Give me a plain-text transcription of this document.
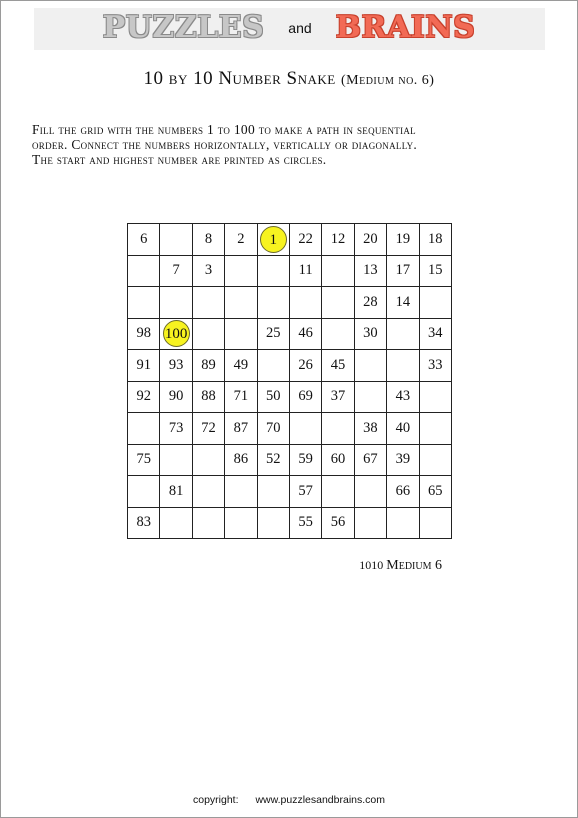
PUZZLES and BRAINS
10 by 10 Number Snake (Medium no. 6)
Fill the grid with the numbers 1 to 100 to make a path in sequential
order. Connect the numbers horizontally, vertically or diagonally.
The start and highest number are printed as circles.
6		8	2	1	22	12	20	19	18
	7	3			11		13	17	15
							28	14	
98	100			25	46		30		34
91	93	89	49		26	45			33
92	90	88	71	50	69	37		43	
	73	72	87	70			38	40	
75			86	52	59	60	67	39	
	81				57			66	65
83					55	56			
1010 Medium 6
copyright: www.puzzlesandbrains.com
